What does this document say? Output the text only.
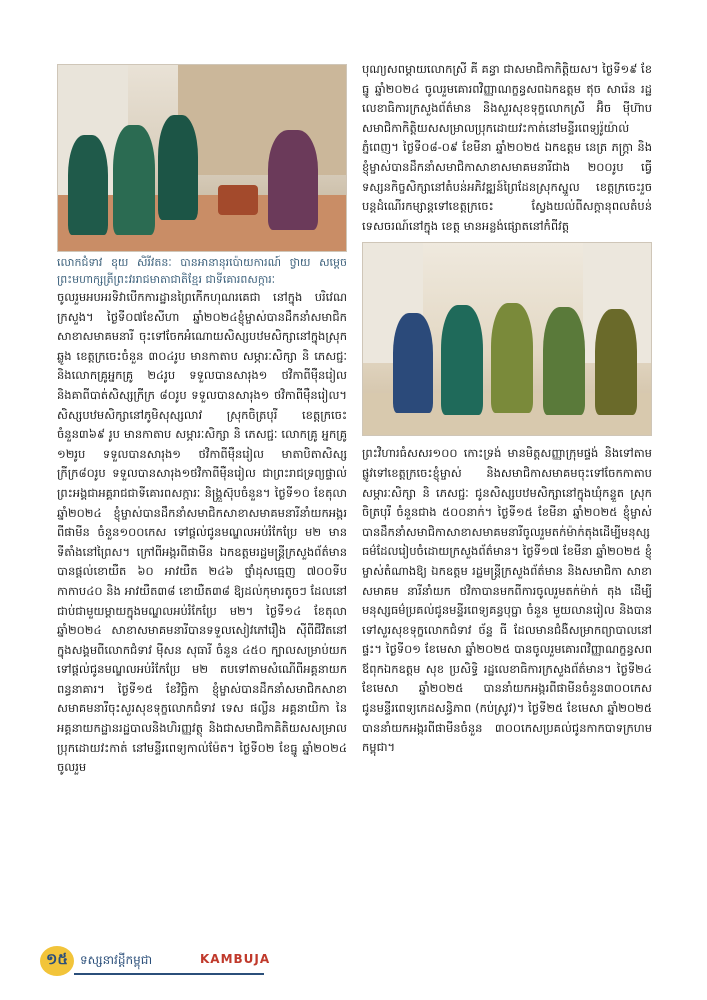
លោកជំទាវ ឧុយ សិរីវតនៈ បានអានានុរប៉ោយការណ៍ ថ្វាយ សម្ដេចព្រះមហាក្សត្រីព្រះវររាជមាតាជាតិខ្មែរ ជាទីគោរពសក្ការៈ

ចូលរួមអបអរទិវាបើកការដ្ឋានព្រៃកើកហុណរគេជា នៅក្នុង បរិវេណក្រសួង។ ថ្ងៃទី០៧ខែសីហា ឆ្នាំ២០២៤ខ្ញុំម្ចាស់បានដឹកនាំសមាជិកសាខាសមាគមនារី ចុះទៅចែកអំណោយសិស្សបឋមសិក្សានៅក្នុងស្រុកឆ្លូង ខេត្តក្រចេះចំនួន ៣០៤រូប មានកាតាប សម្ភារៈសិក្សា និ ភេសជ្ជៈ និងលោកគ្រូអ្នកគ្រូ ២៤រូប ទទួលបានសារុង១ ថវិកាពីម៉ឺនរៀល និងគាពីបាត់សិស្សក្រីក្រ ៨០រូប ទទួលបានសារុង១ ថវិកាពីម៉ឺនរៀល។ សិស្សបឋមសិក្សានៅភូមិសុស្សលាវ ស្រុកចិត្របុរី ខេត្តក្រចេះចំនួន៣៦៩ រូប មានកាតាប សម្ភារៈសិក្សា និ ភេសជ្ជៈ លោកគ្រូ អ្នកគ្រូ ១២រូប ទទួលបានសារុង១ ថវិកាពីម៉ឺនរៀល មាតាបិតាសិស្សក្រីក្រ៨០រូប ទទួលបានសារុង១ថវិកាពីម៉ឺនរៀល ជាព្រះរាជទ្រព្យផ្ទាល់ព្រះអង្គជាអគ្គរាជជាទីគោរពសក្ការៈ និង្គ្រួស៊ុបចំនួន។ ថ្ងៃទី១០ ខែតុលា ឆ្នាំ២០២៤ ខ្ញុំម្ចាស់បានដឹកនាំសមាជិកសាខាសមាគមនារីនាំយកអង្ករពីផាមីន ចំនួន១០០កេស ទៅផ្ដល់ជូនមណ្ឌលអប់រំកែប្រែ ម២ មានទីតាំងនៅព្រៃស។ ក្រៅពីអង្ករពីផាមីន ឯកឧត្តមរដ្ឋមន្ត្រីក្រសួងព័ត៌មានបានផ្តល់ខោយឺត ៦០ អាវយឺត ២៤៦ ថ្នាំដុសធ្មេញ ៧០០ទីប កាកាប៤០ និង អាវយឺត៣៨ ខោយឺត៣៨ ឱ្យដល់កុមារតូចៗ ដែលនៅជាប់ជាមួយម្ដាយក្នុងមណ្ឌលអប់រំកែប្រែ ម២។ ថ្ងៃទី១៤ ខែតុលា ឆ្នាំ២០២៤ សាខាសមាគមនារីបានទទួលសៀវភៅរឿង ស៊ីពីជីវិតនៅក្នុងសង្គមពីលោកជំទាវ ម៉ីសន សុធារី ចំនួន ៤៥០ ក្បាលសម្រាប់យកទៅផ្តល់ជូនមណ្ឌលអប់រំកែប្រែ ម២ តបទៅតាមសំណើពីអគ្គនាយកពន្ធនាគារ។ ថ្ងៃទី១៥ ខែវិច្ឆិកា ខ្ញុំម្ចាស់បានដឹកនាំសមាជិកសាខាសមាគមនារីចុះសួរសុខទុក្ខលោកជំទាវ ទេស ផល្លីន អគ្គនាយិកា នៃអគ្គនាយកដ្ឋានរដ្ឋបាលនិងហិរញ្ញវត្ថុ និងជាសមាជិកាគិតិយសសម្រាលប្រុកដោយវះកាត់ នៅមន្ទីរពេទ្យកាល់ម៉ែត។ ថ្ងៃទី០២ ខែធ្នូ ឆ្នាំ២០២៤ ចូលរួម

បុណ្យសពម្ដាយលោកស្រី គី គន្ធា ជាសមាជិកាកិត្តិយស។ ថ្ងៃទី១៩ ខែធ្នូ ឆ្នាំ២០២៤ ចូលរួមគោរពវិញ្ញាណក្ខន្ធសពឯកឧត្តម ឥុច សារ៉េន រដ្ឋលេខាធិការក្រសួងព័ត៌មាន និងសួរសុខទុក្ខលោកស្រី អ៊ិច ម៉ីហ៊ាប សមាជិកាកិត្តិយសសម្រាលប្រុកដោយវះកាត់នៅមន្ទីរពេទ្យរ៉ូយ៉ាល់ភ្នំពេញ។ ថ្ងៃទី០៨-០៩ ខែមីនា ឆ្នាំ២០២៥ ឯកឧត្តម នេត្រ ភក្ត្រា និងខ្ញុំម្ចាស់បានដឹកនាំសមាជិកាសាខាសមាគមនារីជាង ២០០រូប ធ្វើទស្សនកិច្ចសិក្សានៅតំបន់អភិវឌ្ឍន៍ព្រៃដែនស្រុកស្នួល ខេត្តក្រចេះរួចបន្តដំណើរកម្សាន្តទៅខេត្តក្រចេះ ស្វែងយល់ពីសក្ដានុពលតំបន់ទេសចរណ៍នៅក្នុង ខេត្ត មានអន្លង់ផ្សោតនៅកំពីវត្ត

ព្រះវិហារធំសសរ១០០ កោះទ្រង់ មានមិត្តសញ្ញាក្រុមផ្ទង់ និងទៅតាមផ្លូវទៅខេត្តក្រចេះខ្ញុំម្ចាស់ និងសមាជិកាសមាគមចុះទៅចែកកាតាប សម្ភារៈសិក្សា និ ភេសជ្ជៈ ជូនសិស្សបឋមសិក្សានៅក្នុងឃុំកន្ទួត ស្រុកចិត្របុរី ចំនួនជាង ៥០០នាក់។ ថ្ងៃទី១៥ ខែមីនា ឆ្នាំ២០២៥ ខ្ញុំម្ចាស់បានដឹកនាំសមាជិកាសាខាសមាគមនារីចូលរួមតក់ម៉ាក់តុងដើម្បីមនុស្សធម៌ដែលរៀបចំដោយក្រសួងព័ត៌មាន។ ថ្ងៃទី១៧ ខែមីនា ឆ្នាំ២០២៥ ខ្ញុំម្ចាស់តំណាងឱ្យ ឯកឧត្តម រដ្ឋមន្ត្រីក្រសួងព័ត៌មាន និងសមាជិកា សាខាសមាគម នារីនាំយក ថវិកាបានមកពីការចូលរួមតក់ម៉ាក់ តុង ដើម្បីមនុស្សធម៌ប្រគល់ជូនមន្ទីរពេទ្យគន្ធបុប្ផា ចំនួន មួយលានរៀល និងបានទៅសួរសុខទុក្ខលោកជំទាវ ច័ន្ទ ធី ដែលមានជំងឺសម្រាកព្យាបាលនៅផ្ទះ។ ថ្ងៃទី០១ ខែមេសា ឆ្នាំ២០២៥ បានចូលរួមគោរពវិញ្ញាណក្ខន្ធសពឪពុកឯកឧត្តម សុខ ប្រសិទ្ធិ រដ្ឋលេខាធិការក្រសួងព័ត៌មាន។ ថ្ងៃទី២៤ ខែមេសា ឆ្នាំ២០២៥ បាននាំយកអង្ករពីផាមីនចំនួន៣០០កេស ជូនមន្ទីរពេទ្យកេដសន្ធិភាព (កប់ស្រូវ)។ ថ្ងៃទី២៥ ខែមេសា ឆ្នាំ២០២៥ បាននាំយកអង្ករពីផាមីនចំនួន ៣០០កេសប្រគល់ជូនកាកបាទក្រហមកម្ពុជា។

១៥	ទស្សនាវដ្តីកម្ពុជា	KAMBUJA
